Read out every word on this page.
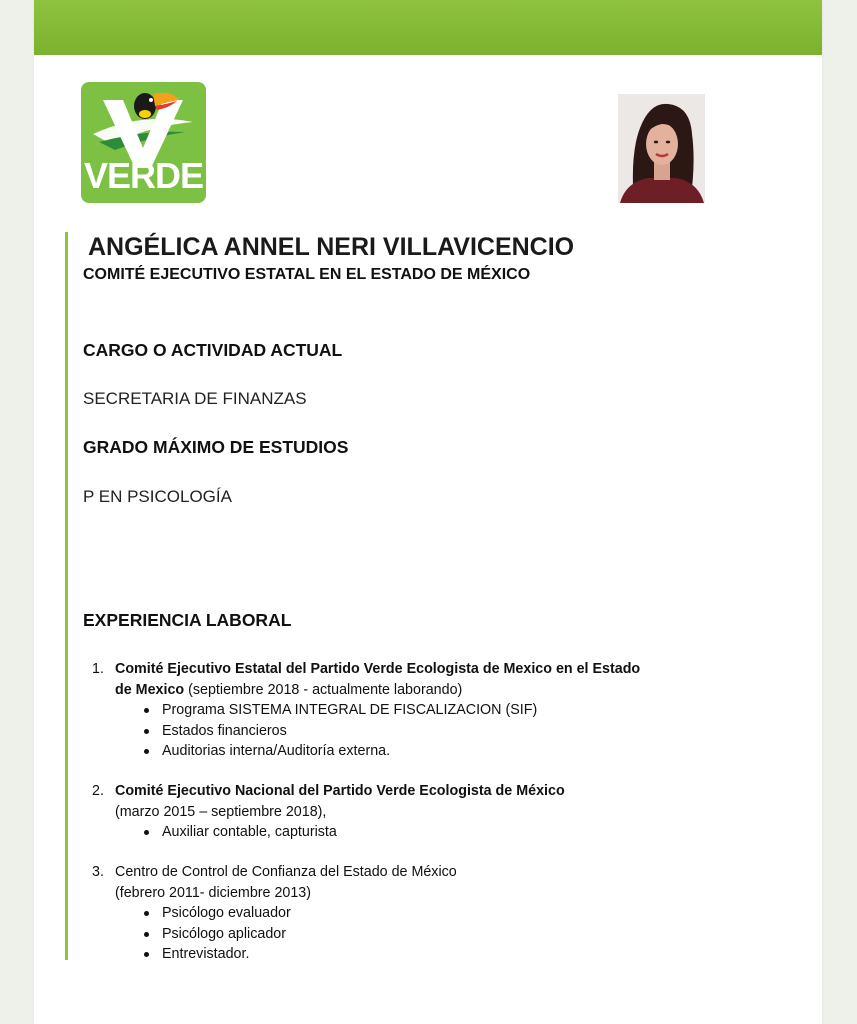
VERDE
ANGÉLICA ANNEL NERI VILLAVICENCIO
COMITÉ EJECUTIVO ESTATAL EN EL ESTADO DE MÉXICO
CARGO O ACTIVIDAD ACTUAL
SECRETARIA DE FINANZAS
GRADO MÁXIMO DE ESTUDIOS
P EN PSICOLOGÍA
EXPERIENCIA LABORAL
1. Comité Ejecutivo Estatal del Partido Verde Ecologista de Mexico en el Estado
de Mexico (septiembre 2018 - actualmente laborando)
Programa SISTEMA INTEGRAL DE FISCALIZACION (SIF)
Estados financieros
Auditorias interna/Auditoría externa.
2. Comité Ejecutivo Nacional del Partido Verde Ecologista de México
(marzo 2015 – septiembre 2018),
Auxiliar contable, capturista
3. Centro de Control de Confianza del Estado de México
(febrero 2011- diciembre 2013)
Psicólogo evaluador
Psicólogo aplicador
Entrevistador.
